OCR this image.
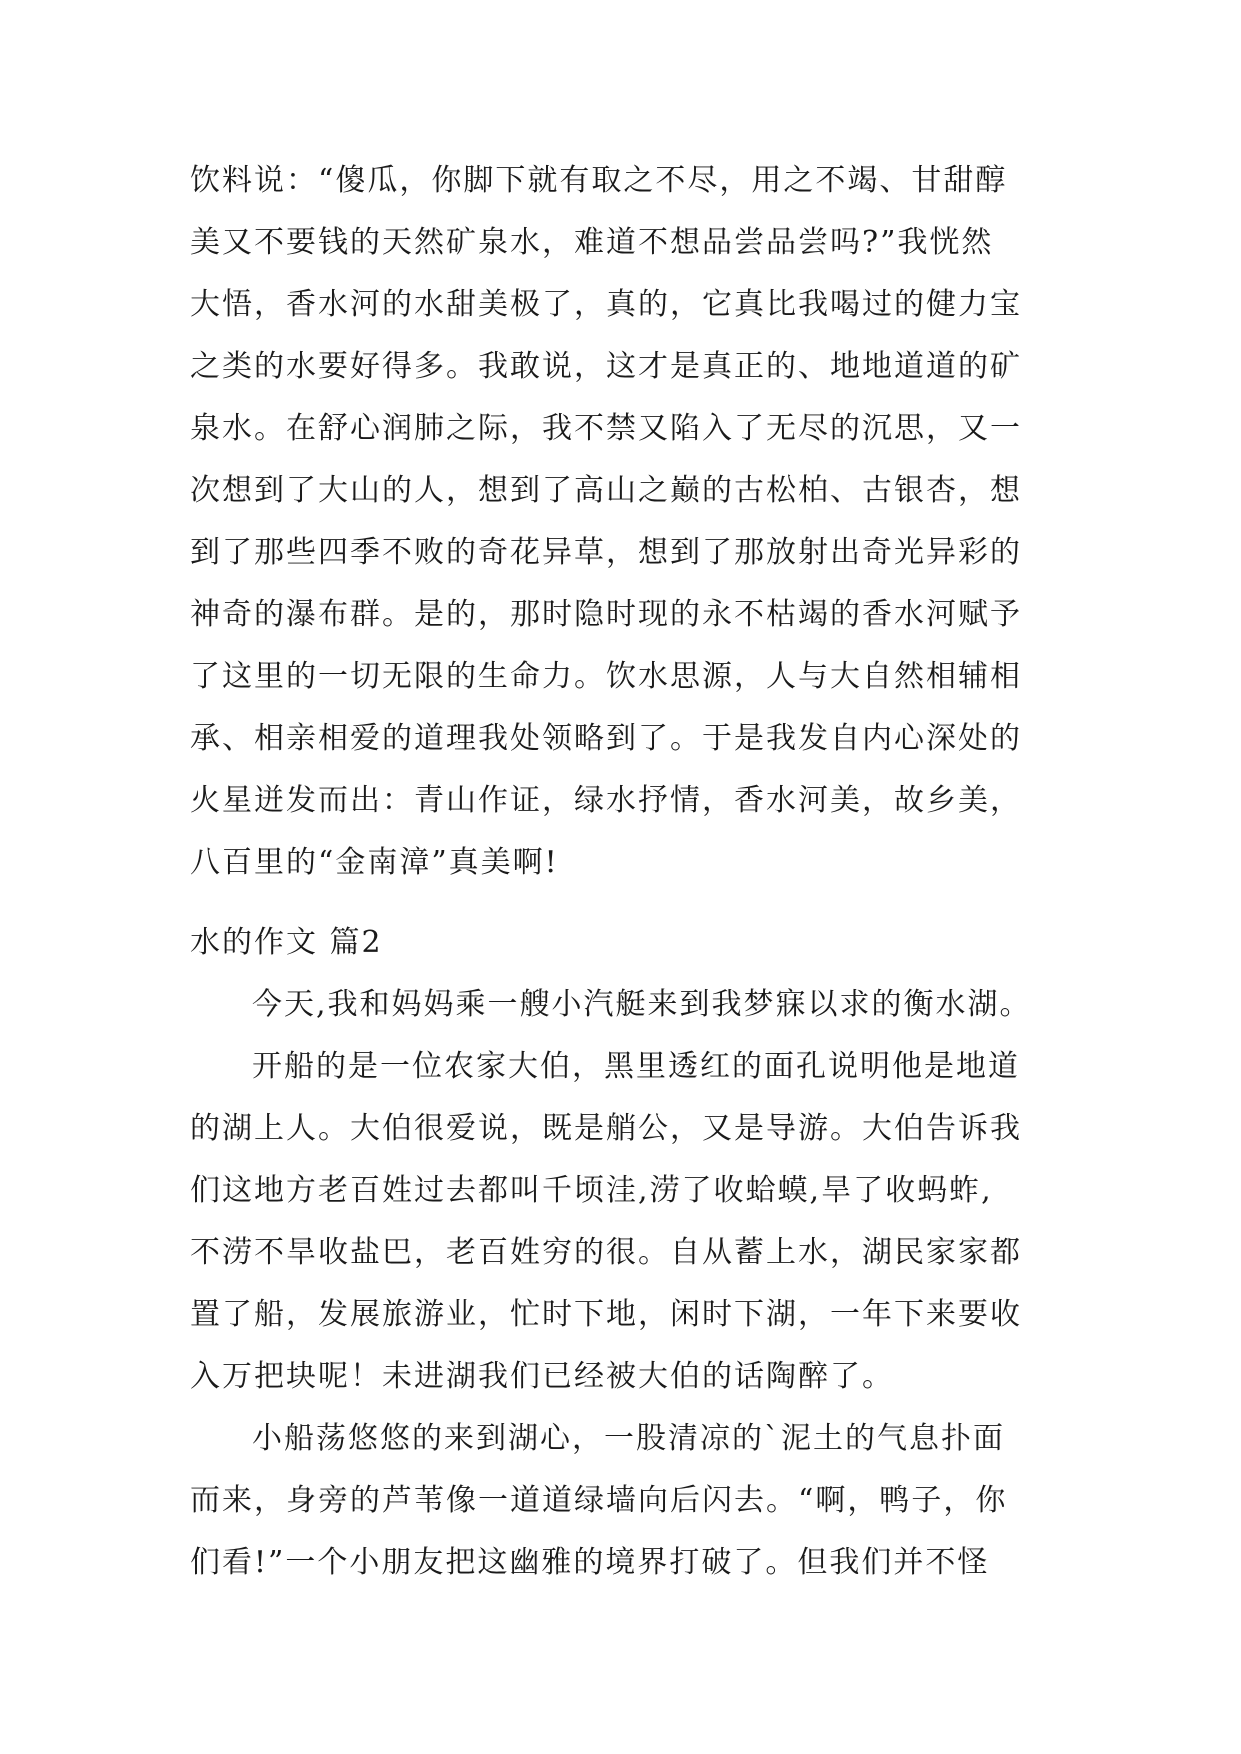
饮料说：“傻瓜，你脚下就有取之不尽，用之不竭、甘甜醇
美又不要钱的天然矿泉水，难道不想品尝品尝吗?”我恍然
大悟，香水河的水甜美极了，真的，它真比我喝过的健力宝
之类的水要好得多。我敢说，这才是真正的、地地道道的矿
泉水。在舒心润肺之际，我不禁又陷入了无尽的沉思，又一
次想到了大山的人，想到了高山之巅的古松柏、古银杏，想
到了那些四季不败的奇花异草，想到了那放射出奇光异彩的
神奇的瀑布群。是的，那时隐时现的永不枯竭的香水河赋予
了这里的一切无限的生命力。饮水思源，人与大自然相辅相
承、相亲相爱的道理我处领略到了。于是我发自内心深处的
火星迸发而出：青山作证，绿水抒情，香水河美，故乡美，
八百里的“金南漳”真美啊!
水的作文 篇2
今天,我和妈妈乘一艘小汽艇来到我梦寐以求的衡水湖。
开船的是一位农家大伯，黑里透红的面孔说明他是地道
的湖上人。大伯很爱说，既是艄公，又是导游。大伯告诉我
们这地方老百姓过去都叫千顷洼,涝了收蛤蟆,旱了收蚂蚱,
不涝不旱收盐巴，老百姓穷的很。自从蓄上水，湖民家家都
置了船，发展旅游业，忙时下地，闲时下湖，一年下来要收
入万把块呢！未进湖我们已经被大伯的话陶醉了。
小船荡悠悠的来到湖心，一股清凉的`泥土的气息扑面
而来，身旁的芦苇像一道道绿墙向后闪去。“啊，鸭子，你
们看!”一个小朋友把这幽雅的境界打破了。但我们并不怪
